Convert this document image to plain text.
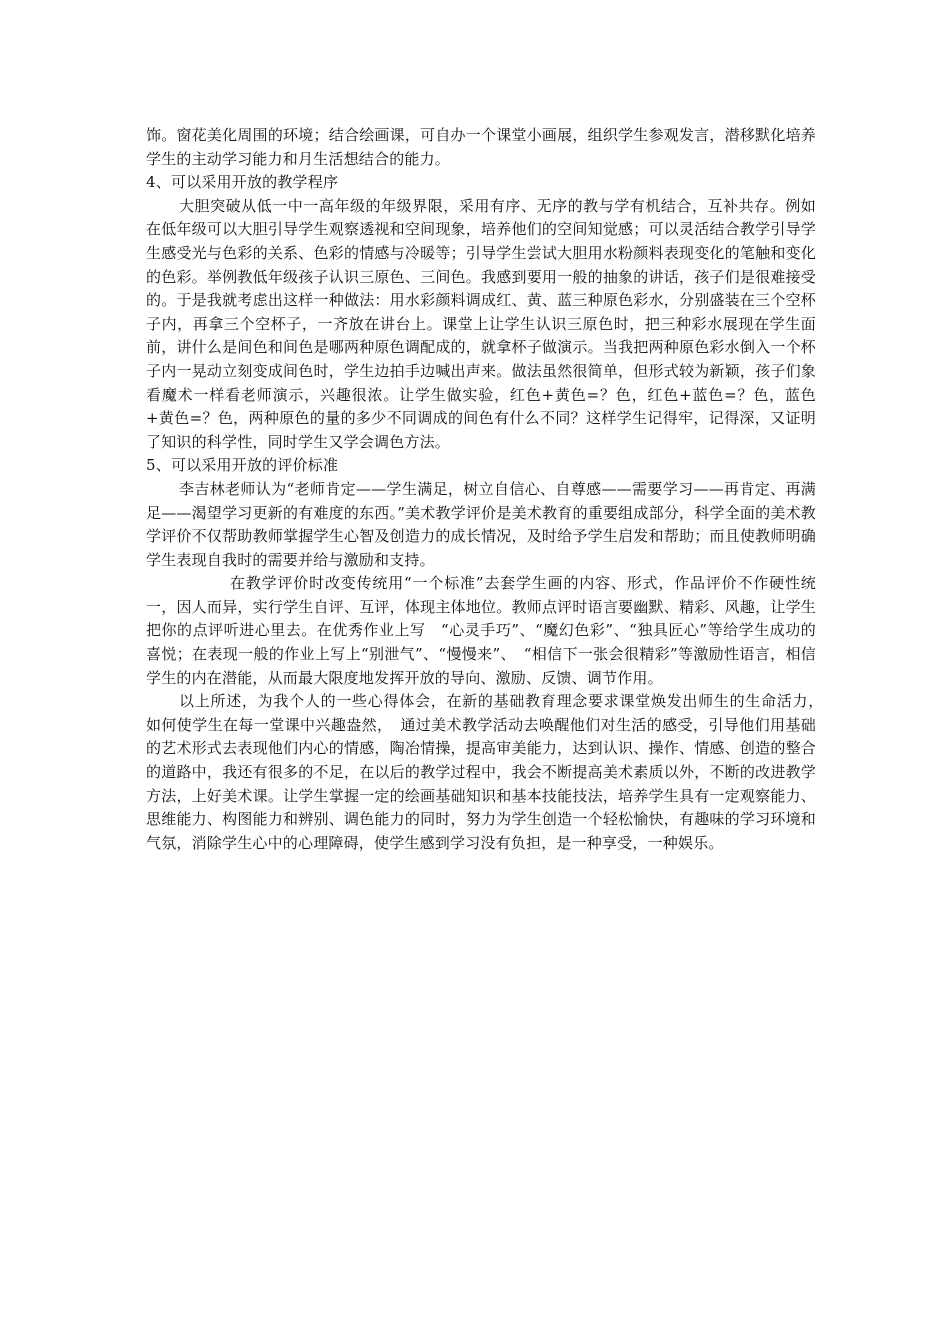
饰。窗花美化周围的环境；结合绘画课，可自办一个课堂小画展，组织学生参观发言，潜移默化培养学生的主动学习能力和月生活想结合的能力。

4、可以采用开放的教学程序

大胆突破从低一中一高年级的年级界限，采用有序、无序的教与学有机结合，互补共存。例如在低年级可以大胆引导学生观察透视和空间现象，培养他们的空间知觉感；可以灵活结合教学引导学生感受光与色彩的关系、色彩的情感与冷暖等；引导学生尝试大胆用水粉颜料表现变化的笔触和变化的色彩。举例教低年级孩子认识三原色、三间色。我感到要用一般的抽象的讲话，孩子们是很难接受的。于是我就考虑出这样一种做法：用水彩颜料调成红、黄、蓝三种原色彩水，分别盛装在三个空杯子内，再拿三个空杯子，一齐放在讲台上。课堂上让学生认识三原色时，把三种彩水展现在学生面前，讲什么是间色和间色是哪两种原色调配成的，就拿杯子做演示。当我把两种原色彩水倒入一个杯子内一晃动立刻变成间色时，学生边拍手边喊出声来。做法虽然很简单，但形式较为新颖，孩子们象看魔术一样看老师演示，兴趣很浓。让学生做实验，红色+黄色=？色，红色+蓝色=？色，蓝色+黄色=？色，两种原色的量的多少不同调成的间色有什么不同？这样学生记得牢，记得深，又证明了知识的科学性，同时学生又学会调色方法。

5、可以采用开放的评价标准

李吉林老师认为“老师肯定——学生满足，树立自信心、自尊感——需要学习——再肯定、再满足——渴望学习更新的有难度的东西。”美术教学评价是美术教育的重要组成部分，科学全面的美术教学评价不仅帮助教师掌握学生心智及创造力的成长情况，及时给予学生启发和帮助；而且使教师明确学生表现自我时的需要并给与激励和支持。

在教学评价时改变传统用“一个标准”去套学生画的内容、形式，作品评价不作硬性统一，因人而异，实行学生自评、互评，体现主体地位。教师点评时语言要幽默、精彩、风趣，让学生把你的点评听进心里去。在优秀作业上写　“心灵手巧”、“魔幻色彩”、“独具匠心”等给学生成功的喜悦；在表现一般的作业上写上“别泄气”、“慢慢来”、　“相信下一张会很精彩”等激励性语言，相信学生的内在潜能，从而最大限度地发挥开放的导向、激励、反馈、调节作用。

以上所述，为我个人的一些心得体会，在新的基础教育理念要求课堂焕发出师生的生命活力，　如何使学生在每一堂课中兴趣盎然，　通过美术教学活动去唤醒他们对生活的感受，引导他们用基础的艺术形式去表现他们内心的情感，陶冶情操，提高审美能力，达到认识、操作、情感、创造的整合的道路中，我还有很多的不足，在以后的教学过程中，我会不断提高美术素质以外，不断的改进教学方法，上好美术课。让学生掌握一定的绘画基础知识和基本技能技法，培养学生具有一定观察能力、思维能力、构图能力和辨别、调色能力的同时，努力为学生创造一个轻松愉快，有趣味的学习环境和气氛，消除学生心中的心理障碍，使学生感到学习没有负担，是一种享受，一种娱乐。
